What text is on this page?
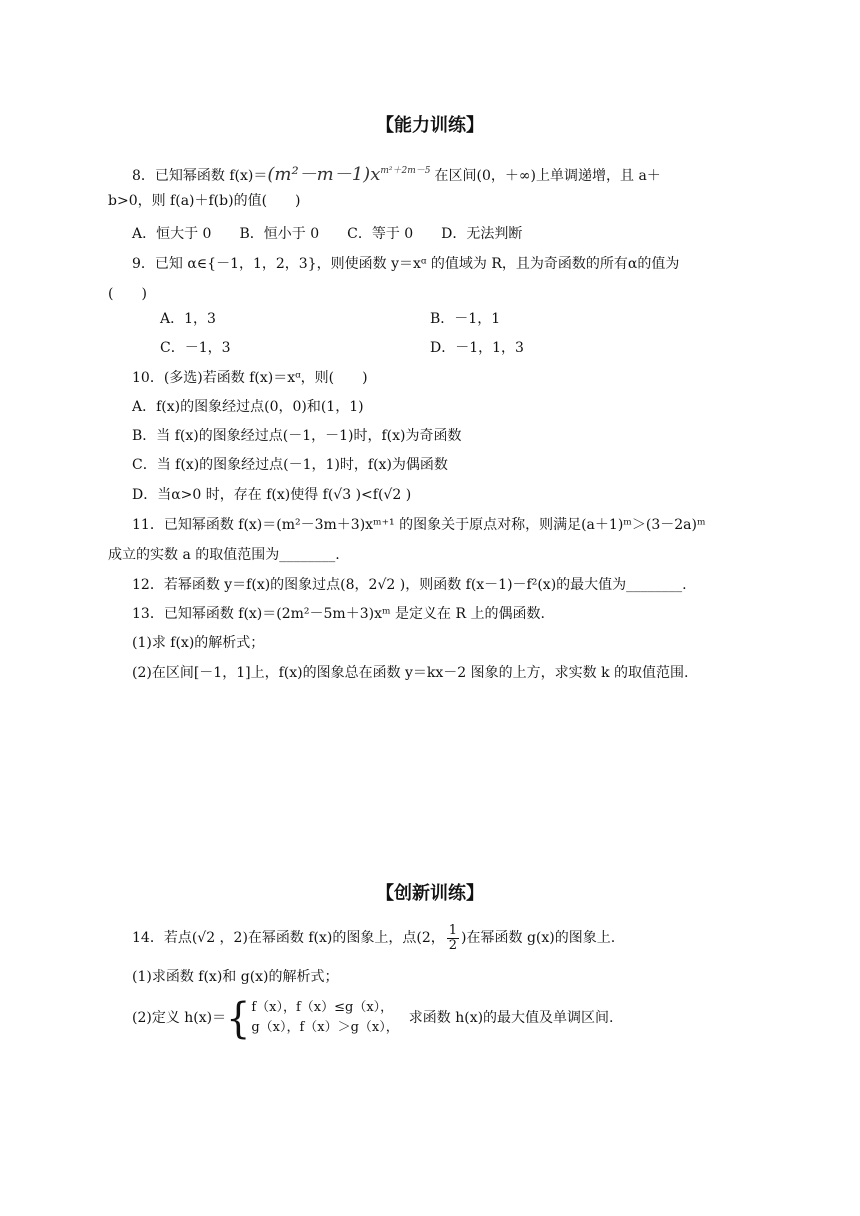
【能力训练】
8．已知幂函数 $f(x)=(m^2-m-1)x^{m^2+2m-5}$ 在区间(0，＋∞)上单调递增，且 a＋
b>0，则 f(a)＋f(b)的值(　　)
A．恒大于 0　　B．恒小于 0　　C．等于 0　　D．无法判断
9．已知 α∈{－1，1，2，3}，则使函数 y＝xᵅ 的值域为 R，且为奇函数的所有α的值为
(　　)
A．1，3	B．－1，1
C．－1，3	D．－1，1，3
10．(多选)若函数 f(x)＝xᵅ，则(　　)
A．f(x)的图象经过点(0，0)和(1，1)
B．当 f(x)的图象经过点(－1，－1)时，f(x)为奇函数
C．当 f(x)的图象经过点(－1，1)时，f(x)为偶函数
D．当α>0 时，存在 f(x)使得 f(√3 )<f(√2 )
11．已知幂函数 f(x)＝(m²－3m＋3)xᵐ⁺¹ 的图象关于原点对称，则满足(a＋1)ᵐ＞(3－2a)ᵐ
成立的实数 a 的取值范围为________.
12．若幂函数 y＝f(x)的图象过点(8，2√2 )，则函数 f(x－1)－f²(x)的最大值为________.
13．已知幂函数 f(x)＝(2m²－5m＋3)xᵐ 是定义在 R 上的偶函数.
(1)求 f(x)的解析式；
(2)在区间[－1，1]上，f(x)的图象总在函数 y＝kx－2 图象的上方，求实数 k 的取值范围.
【创新训练】
14．若点(√2 ，2)在幂函数 f(x)的图象上，点(2， $\frac{1}{2}$ )在幂函数 g(x)的图象上.
(1)求函数 f(x)和 g(x)的解析式；
(2)定义 h(x)＝{ f（x），f（x）≤g（x），
g（x），f（x）＞g（x），
求函数 h(x)的最大值及单调区间.
